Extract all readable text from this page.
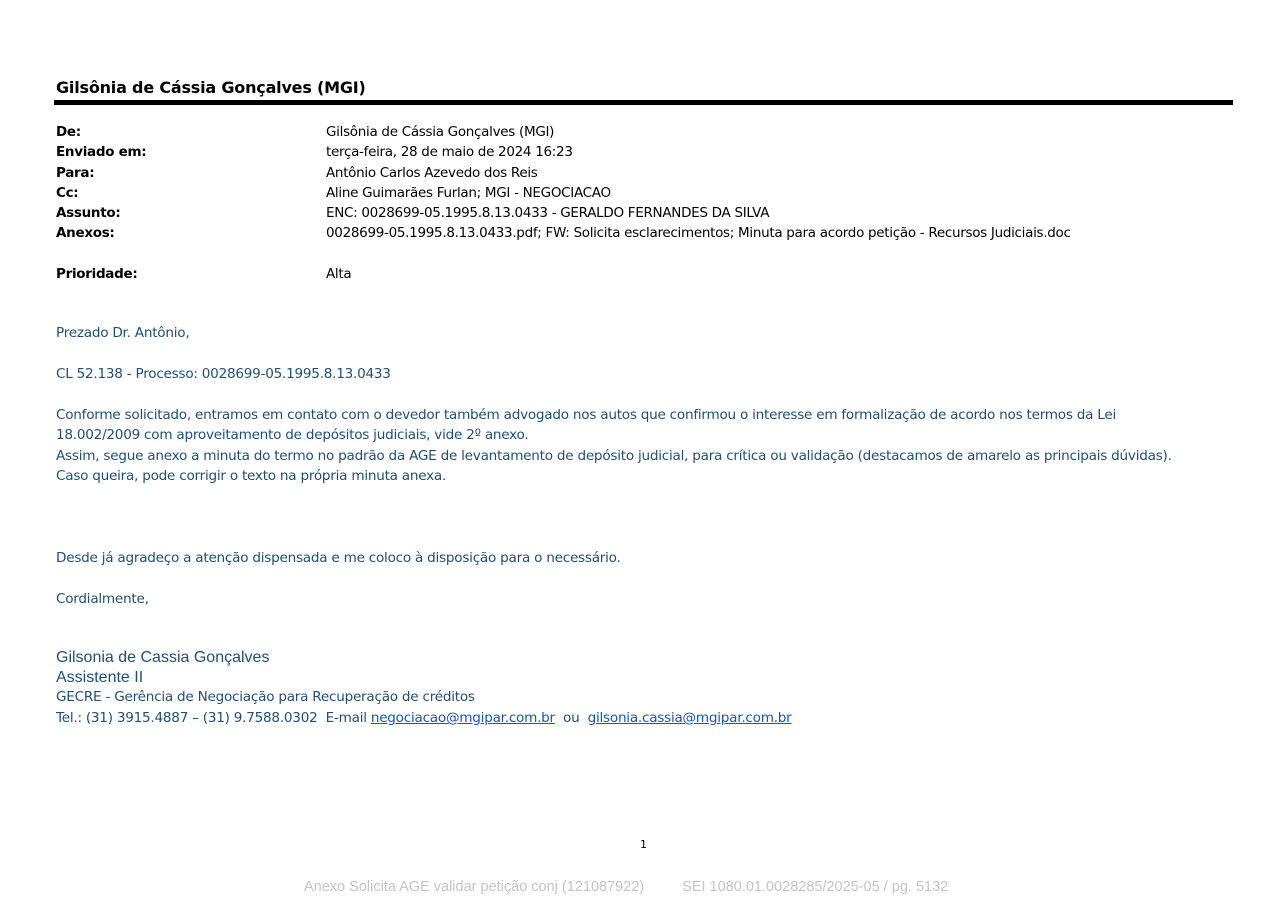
Gilsônia de Cássia Gonçalves (MGI)
De:	Gilsônia de Cássia Gonçalves (MGI)
Enviado em:	terça-feira, 28 de maio de 2024 16:23
Para:	Antônio Carlos Azevedo dos Reis
Cc:	Aline Guimarães Furlan; MGI - NEGOCIACAO
Assunto:	ENC: 0028699-05.1995.8.13.0433 - GERALDO FERNANDES DA SILVA
Anexos:	0028699-05.1995.8.13.0433.pdf; FW: Solicita esclarecimentos; Minuta para acordo petição - Recursos Judiciais.doc
Prioridade:	Alta
Prezado Dr. Antônio,
CL 52.138 - Processo: 0028699-05.1995.8.13.0433
Conforme solicitado, entramos em contato com o devedor também advogado nos autos que confirmou o interesse em formalização de acordo nos termos da Lei
18.002/2009 com aproveitamento de depósitos judiciais, vide 2º anexo.
Assim, segue anexo a minuta do termo no padrão da AGE de levantamento de depósito judicial, para crítica ou validação (destacamos de amarelo as principais dúvidas).
Caso queira, pode corrigir o texto na própria minuta anexa.
Desde já agradeço a atenção dispensada e me coloco à disposição para o necessário.
Cordialmente,
Gilsonia de Cassia Gonçalves
Assistente II
GECRE - Gerência de Negociação para Recuperação de créditos
Tel.: (31) 3915.4887 – (31) 9.7588.0302  E-mail negociacao@mgipar.com.br  ou  gilsonia.cassia@mgipar.com.br
1
Anexo Solicita AGE validar petição conj (121087922)	SEI 1080.01.0028285/2025-05 / pg. 5132
